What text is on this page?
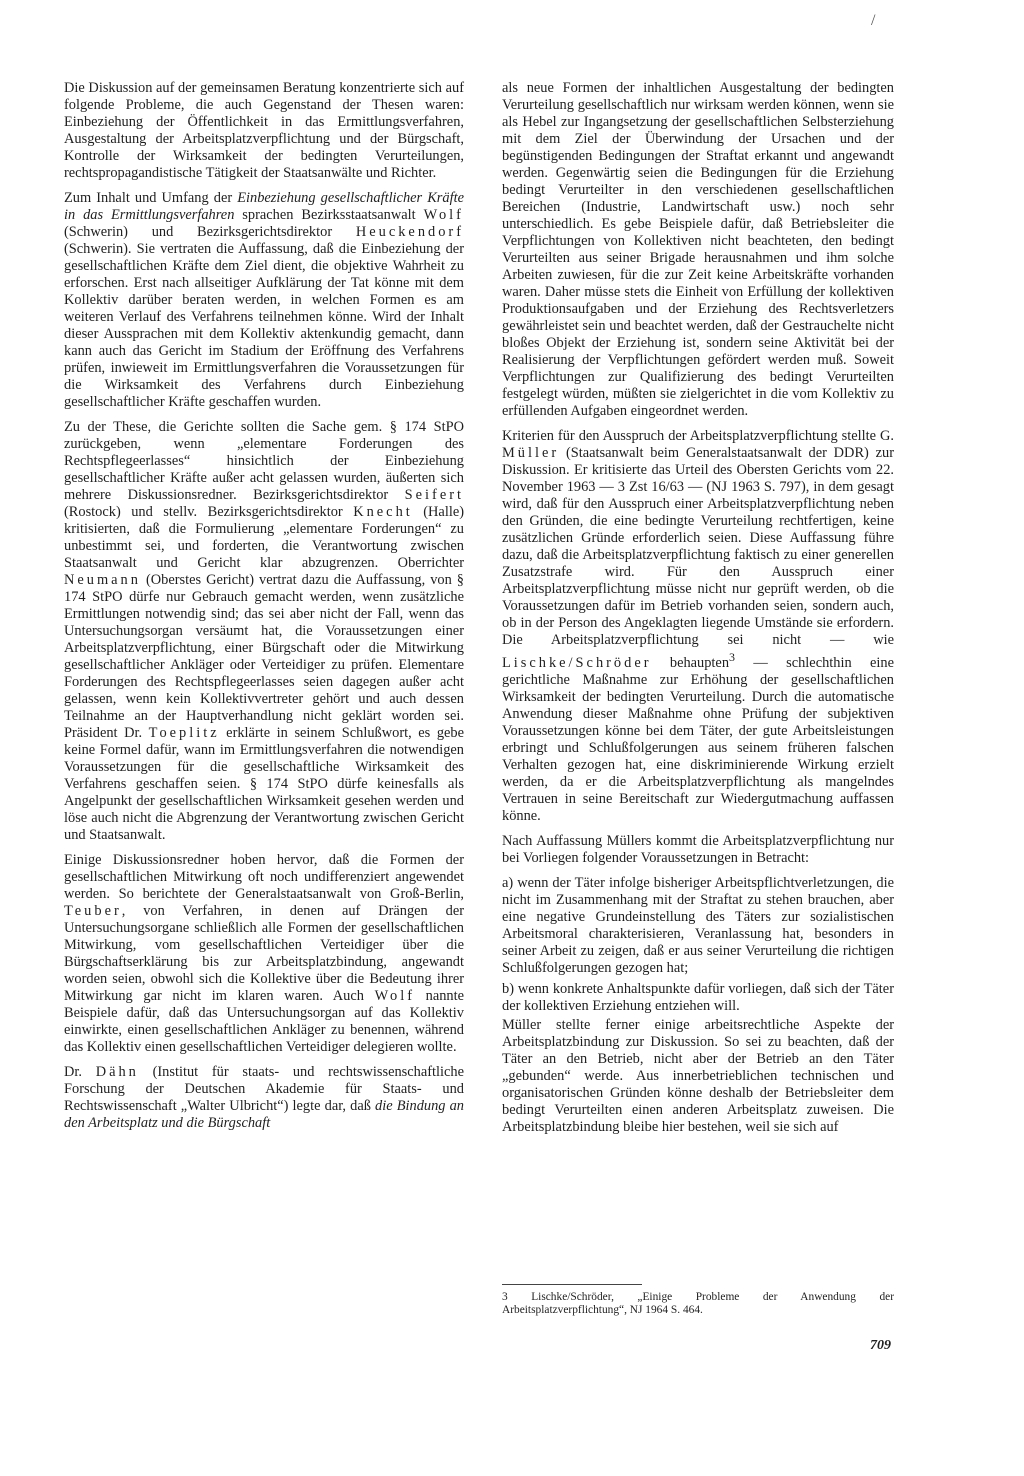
/

Die Diskussion auf der gemeinsamen Beratung konzentrierte sich auf folgende Probleme, die auch Gegenstand der Thesen waren: Einbeziehung der Öffentlichkeit in das Ermittlungsverfahren, Ausgestaltung der Arbeitsplatzverpflichtung und der Bürgschaft, Kontrolle der Wirksamkeit der bedingten Verurteilungen, rechtspropagandistische Tätigkeit der Staatsanwälte und Richter.

Zum Inhalt und Umfang der Einbeziehung gesellschaftlicher Kräfte in das Ermittlungsverfahren sprachen Bezirksstaatsanwalt Wolf (Schwerin) und Bezirksgerichtsdirektor Heuckendorf (Schwerin). Sie vertraten die Auffassung, daß die Einbeziehung der gesellschaftlichen Kräfte dem Ziel dient, die objektive Wahrheit zu erforschen. Erst nach allseitiger Aufklärung der Tat könne mit dem Kollektiv darüber beraten werden, in welchen Formen es am weiteren Verlauf des Verfahrens teilnehmen könne. Wird der Inhalt dieser Aussprachen mit dem Kollektiv aktenkundig gemacht, dann kann auch das Gericht im Stadium der Eröffnung des Verfahrens prüfen, inwieweit im Ermittlungsverfahren die Voraussetzungen für die Wirksamkeit des Verfahrens durch Einbeziehung gesellschaftlicher Kräfte geschaffen wurden.

Zu der These, die Gerichte sollten die Sache gem. § 174 StPO zurückgeben, wenn „elementare Forderungen des Rechtspflegeerlasses“ hinsichtlich der Einbeziehung gesellschaftlicher Kräfte außer acht gelassen wurden, äußerten sich mehrere Diskussionsredner. Bezirksgerichtsdirektor Seifert (Rostock) und stellv. Bezirksgerichtsdirektor Knecht (Halle) kritisierten, daß die Formulierung „elementare Forderungen“ zu unbestimmt sei, und forderten, die Verantwortung zwischen Staatsanwalt und Gericht klar abzugrenzen. Oberrichter Neumann (Oberstes Gericht) vertrat dazu die Auffassung, von § 174 StPO dürfe nur Gebrauch gemacht werden, wenn zusätzliche Ermittlungen notwendig sind; das sei aber nicht der Fall, wenn das Untersuchungsorgan versäumt hat, die Voraussetzungen einer Arbeitsplatzverpflichtung, einer Bürgschaft oder die Mitwirkung gesellschaftlicher Ankläger oder Verteidiger zu prüfen. Elementare Forderungen des Rechtspflegeerlasses seien dagegen außer acht gelassen, wenn kein Kollektivvertreter gehört und auch dessen Teilnahme an der Hauptverhandlung nicht geklärt worden sei. Präsident Dr. Toeplitz erklärte in seinem Schlußwort, es gebe keine Formel dafür, wann im Ermittlungsverfahren die notwendigen Voraussetzungen für die gesellschaftliche Wirksamkeit des Verfahrens geschaffen seien. § 174 StPO dürfe keinesfalls als Angelpunkt der gesellschaftlichen Wirksamkeit gesehen werden und löse auch nicht die Abgrenzung der Verantwortung zwischen Gericht und Staatsanwalt.

Einige Diskussionsredner hoben hervor, daß die Formen der gesellschaftlichen Mitwirkung oft noch undifferenziert angewendet werden. So berichtete der Generalstaatsanwalt von Groß-Berlin, Teuber, von Verfahren, in denen auf Drängen der Untersuchungsorgane schließlich alle Formen der gesellschaftlichen Mitwirkung, vom gesellschaftlichen Verteidiger über die Bürgschaftserklärung bis zur Arbeitsplatzbindung, angewandt worden seien, obwohl sich die Kollektive über die Bedeutung ihrer Mitwirkung gar nicht im klaren waren. Auch Wolf nannte Beispiele dafür, daß das Untersuchungsorgan auf das Kollektiv einwirkte, einen gesellschaftlichen Ankläger zu benennen, während das Kollektiv einen gesellschaftlichen Verteidiger delegieren wollte.

Dr. Dähn (Institut für staats- und rechtswissenschaftliche Forschung der Deutschen Akademie für Staats- und Rechtswissenschaft „Walter Ulbricht“) legte dar, daß die Bindung an den Arbeitsplatz und die Bürgschaft

als neue Formen der inhaltlichen Ausgestaltung der bedingten Verurteilung gesellschaftlich nur wirksam werden können, wenn sie als Hebel zur Ingangsetzung der gesellschaftlichen Selbsterziehung mit dem Ziel der Überwindung der Ursachen und der begünstigenden Bedingungen der Straftat erkannt und angewandt werden. Gegenwärtig seien die Bedingungen für die Erziehung bedingt Verurteilter in den verschiedenen gesellschaftlichen Bereichen (Industrie, Landwirtschaft usw.) noch sehr unterschiedlich. Es gebe Beispiele dafür, daß Betriebsleiter die Verpflichtungen von Kollektiven nicht beachteten, den bedingt Verurteilten aus seiner Brigade herausnahmen und ihm solche Arbeiten zuwiesen, für die zur Zeit keine Arbeitskräfte vorhanden waren. Daher müsse stets die Einheit von Erfüllung der kollektiven Produktionsaufgaben und der Erziehung des Rechtsverletzers gewährleistet sein und beachtet werden, daß der Gestrauchelte nicht bloßes Objekt der Erziehung ist, sondern seine Aktivität bei der Realisierung der Verpflichtungen gefördert werden muß. Soweit Verpflichtungen zur Qualifizierung des bedingt Verurteilten festgelegt würden, müßten sie zielgerichtet in die vom Kollektiv zu erfüllenden Aufgaben eingeordnet werden.

Kriterien für den Ausspruch der Arbeitsplatzverpflichtung stellte G. Müller (Staatsanwalt beim Generalstaatsanwalt der DDR) zur Diskussion. Er kritisierte das Urteil des Obersten Gerichts vom 22. November 1963 — 3 Zst 16/63 — (NJ 1963 S. 797), in dem gesagt wird, daß für den Ausspruch einer Arbeitsplatzverpflichtung neben den Gründen, die eine bedingte Verurteilung rechtfertigen, keine zusätzlichen Gründe erforderlich seien. Diese Auffassung führe dazu, daß die Arbeitsplatzverpflichtung faktisch zu einer generellen Zusatzstrafe wird. Für den Ausspruch einer Arbeitsplatzverpflichtung müsse nicht nur geprüft werden, ob die Voraussetzungen dafür im Betrieb vorhanden seien, sondern auch, ob in der Person des Angeklagten liegende Umstände sie erfordern. Die Arbeitsplatzverpflichtung sei nicht — wie Lischke/Schröder behaupten$^3$ — schlechthin eine gerichtliche Maßnahme zur Erhöhung der gesellschaftlichen Wirksamkeit der bedingten Verurteilung. Durch die automatische Anwendung dieser Maßnahme ohne Prüfung der subjektiven Voraussetzungen könne bei dem Täter, der gute Arbeitsleistungen erbringt und Schlußfolgerungen aus seinem früheren falschen Verhalten gezogen hat, eine diskriminierende Wirkung erzielt werden, da er die Arbeitsplatzverpflichtung als mangelndes Vertrauen in seine Bereitschaft zur Wiedergutmachung auffassen könne.

Nach Auffassung Müllers kommt die Arbeitsplatzverpflichtung nur bei Vorliegen folgender Voraussetzungen in Betracht:

a) wenn der Täter infolge bisheriger Arbeitspflichtverletzungen, die nicht im Zusammenhang mit der Straftat zu stehen brauchen, aber eine negative Grundeinstellung des Täters zur sozialistischen Arbeitsmoral charakterisieren, Veranlassung hat, besonders in seiner Arbeit zu zeigen, daß er aus seiner Verurteilung die richtigen Schlußfolgerungen gezogen hat;

b) wenn konkrete Anhaltspunkte dafür vorliegen, daß sich der Täter der kollektiven Erziehung entziehen will.

Müller stellte ferner einige arbeitsrechtliche Aspekte der Arbeitsplatzbindung zur Diskussion. So sei zu beachten, daß der Täter an den Betrieb, nicht aber der Betrieb an den Täter „gebunden“ werde. Aus innerbetrieblichen technischen und organisatorischen Gründen könne deshalb der Betriebsleiter dem bedingt Verurteilten einen anderen Arbeitsplatz zuweisen. Die Arbeitsplatzbindung bleibe hier bestehen, weil sie sich auf

3 Lischke/Schröder, „Einige Probleme der Anwendung der Arbeitsplatzverpflichtung“, NJ 1964 S. 464.
709
